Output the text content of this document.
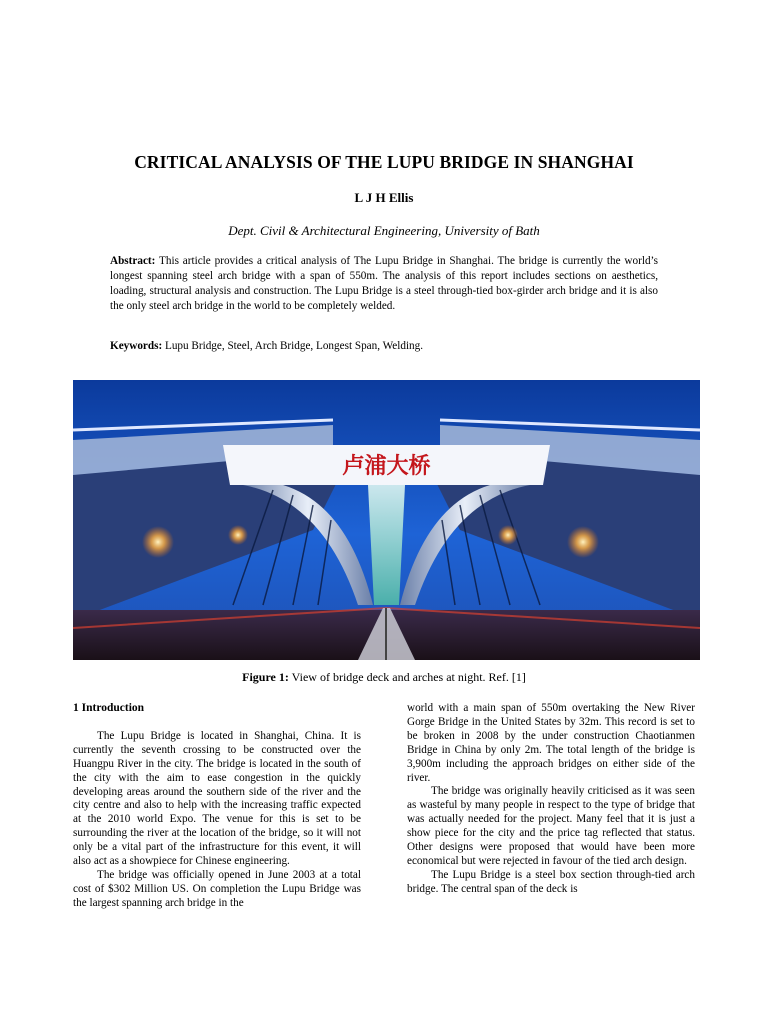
CRITICAL ANALYSIS OF THE LUPU BRIDGE IN SHANGHAI
L J H Ellis
Dept. Civil & Architectural Engineering, University of Bath

Abstract: This article provides a critical analysis of The Lupu Bridge in Shanghai. The bridge is currently the world’s longest spanning steel arch bridge with a span of 550m. The analysis of this report includes sections on aesthetics, loading, structural analysis and construction. The Lupu Bridge is a steel through-tied box-girder arch bridge and it is also the only steel arch bridge in the world to be completely welded.

Keywords: Lupu Bridge, Steel, Arch Bridge, Longest Span, Welding.

卢浦大桥
Figure 1: View of bridge deck and arches at night. Ref. [1]
1 Introduction

The Lupu Bridge is located in Shanghai, China. It is currently the seventh crossing to be constructed over the Huangpu River in the city. The bridge is located in the south of the city with the aim to ease congestion in the quickly developing areas around the southern side of the river and the city centre and also to help with the increasing traffic expected at the 2010 world Expo. The venue for this is set to be surrounding the river at the location of the bridge, so it will not only be a vital part of the infrastructure for this event, it will also act as a showpiece for Chinese engineering.

The bridge was officially opened in June 2003 at a total cost of $302 Million US. On completion the Lupu Bridge was the largest spanning arch bridge in the

world with a main span of 550m overtaking the New River Gorge Bridge in the United States by 32m. This record is set to be broken in 2008 by the under construction Chaotianmen Bridge in China by only 2m. The total length of the bridge is 3,900m including the approach bridges on either side of the river.

The bridge was originally heavily criticised as it was seen as wasteful by many people in respect to the type of bridge that was actually needed for the project. Many feel that it is just a show piece for the city and the price tag reflected that status. Other designs were proposed that would have been more economical but were rejected in favour of the tied arch design.

The Lupu Bridge is a steel box section through-tied arch bridge. The central span of the deck is
